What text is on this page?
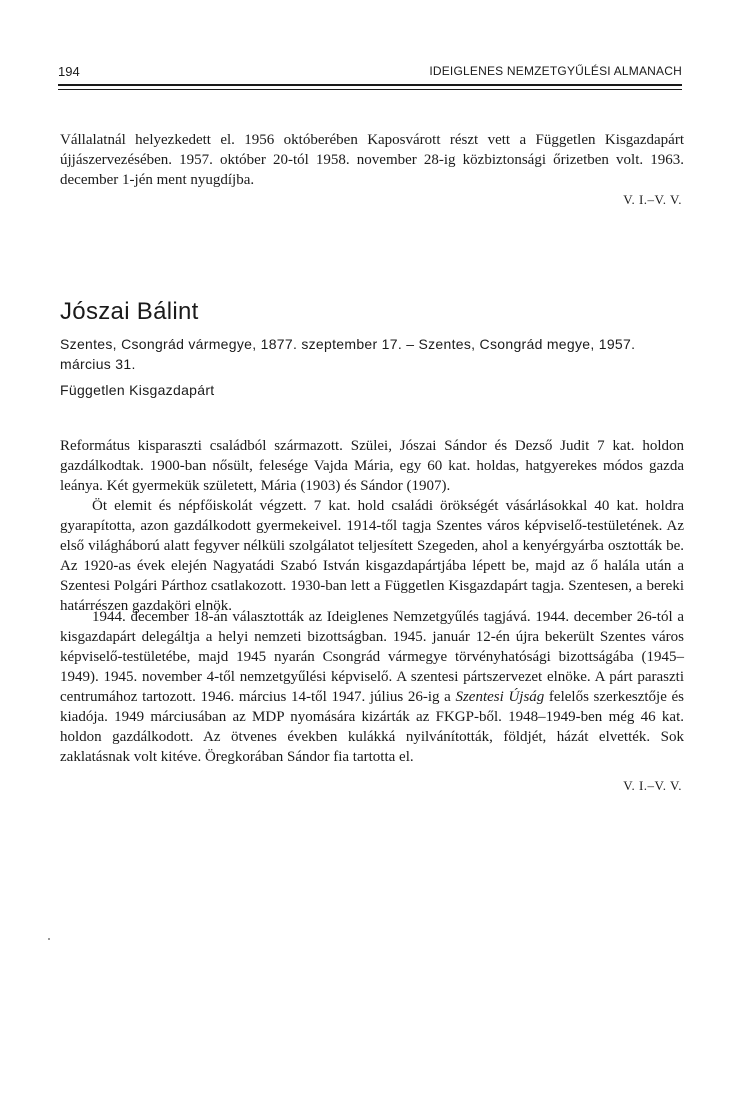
194	IDEIGLENES NEMZETGYŰLÉSI ALMANACH

Vállalatnál helyezkedett el. 1956 októberében Kaposvárott részt vett a Független Kisgazdapárt újjászervezésében. 1957. október 20-tól 1958. november 28-ig közbiztonsági őrizetben volt. 1963. december 1-jén ment nyugdíjba.

V. I.–V. V.
Jószai Bálint

Szentes, Csongrád vármegye, 1877. szeptember 17. – Szentes, Csongrád megye, 1957. március 31.

Független Kisgazdapárt

Református kisparaszti családból származott. Szülei, Jószai Sándor és Dezső Judit 7 kat. holdon gazdálkodtak. 1900-ban nősült, felesége Vajda Mária, egy 60 kat. holdas, hatgyerekes módos gazda leánya. Két gyermekük született, Mária (1903) és Sándor (1907).

Öt elemit és népfőiskolát végzett. 7 kat. hold családi örökségét vásárlásokkal 40 kat. holdra gyarapította, azon gazdálkodott gyermekeivel. 1914-től tagja Szentes város képviselő-testületének. Az első világháború alatt fegyver nélküli szolgálatot teljesített Szegeden, ahol a kenyérgyárba osztották be. Az 1920-as évek elején Nagyatádi Szabó István kisgazdapártjába lépett be, majd az ő halála után a Szentesi Polgári Párthoz csatlakozott. 1930-ban lett a Független Kisgazdapárt tagja. Szentesen, a bereki határrészen gazdaköri elnök.

1944. december 18-án választották az Ideiglenes Nemzetgyűlés tagjává. 1944. december 26-tól a kisgazdapárt delegáltja a helyi nemzeti bizottságban. 1945. január 12-én újra bekerült Szentes város képviselő-testületébe, majd 1945 nyarán Csongrád vármegye törvényhatósági bizottságába (1945–1949). 1945. november 4-től nemzetgyűlési képviselő. A szentesi pártszervezet elnöke. A párt paraszti centrumához tartozott. 1946. március 14-től 1947. július 26-ig a Szentesi Újság felelős szerkesztője és kiadója. 1949 márciusában az MDP nyomására kizárták az FKGP-ből. 1948–1949-ben még 46 kat. holdon gazdálkodott. Az ötvenes években kulákká nyilvánították, földjét, házát elvették. Sok zaklatásnak volt kitéve. Öregkorában Sándor fia tartotta el.

V. I.–V. V.
